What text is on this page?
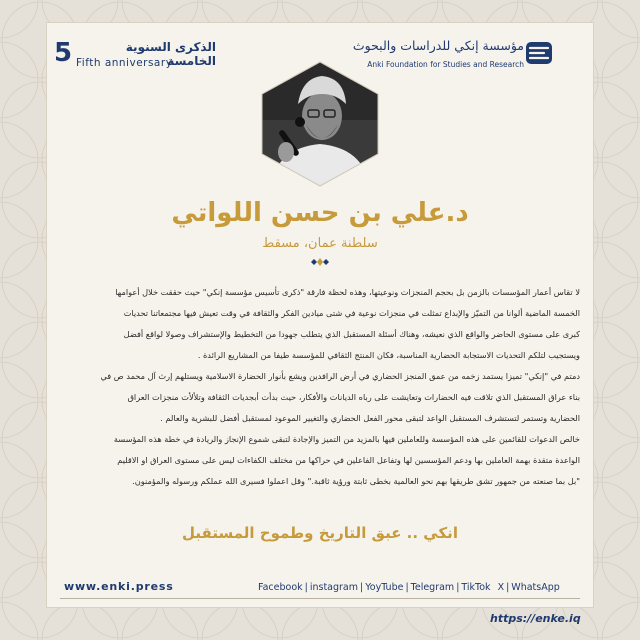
5	الذكرى السنوية الخامسة
Fifth anniversary
مؤسسة إنكي للدراسات والبحوث
Anki Foundation for Studies and Research
د.علي بن حسن اللواتي
سلطنة عمان، مسقط

لا تقاس أعمار المؤسسات بالزمن بل بحجم المنجزات ونوعيتها، وهذه لحظة فارقة "ذكرى تأسيس مؤسسة إنكي" حيث حققت خلال أعوامها

الخمسة الماضية ألوانا من التميّز والإبداع تمثلت في منجزات نوعية في شتى ميادين الفكر والثقافة في وقت تعيش فيها مجتمعاتنا تحديات

كبرى على مستوى الحاضر والواقع الذي نعيشه، وهناك أسئلة المستقبل الذي يتطلب جهودا من التخطيط والإستشراف وصولا لواقع أفضل

ويستجيب لتلكم التحديات الاستجابة الحضارية المناسبة، فكان المنتج الثقافي للمؤسسة طيفا من المشاريع الرائدة .

دمتم في "إنكي" تميزا يستمد زخمه من عمق المنجز الحضاري في أرض الرافدين ويشع بأنوار الحضارة الاسلامية ويستلهم إرث آل محمد ص في

بناء عراق المستقبل الذي تلاقت فيه الحضارات وتعايشت على رباه الديانات والأفكار، حيث بدأت أبجديات الثقافة وتلألأت منجزات العراق

الحضارية وتستمر لتستشرف المستقبل الواعد لتبقى محور الفعل الحضاري والتغيير الموعود لمستقبل أفضل للبشرية والعالم .

خالص الدعوات للقائمين على هذه المؤسسة وللعاملين فيها بالمزيد من التميز والإجادة لتبقى شموع الإنجاز والريادة في خطة هذه المؤسسة

الواعدة متقدة بهمة العاملين بها ودعم المؤسسين لها وتفاعل الفاعلين في حراكها من مختلف الكفاءات ليس على مستوى العراق او الاقليم

"بل بما صنعته من جمهور تشق طريقها بهم نحو العالمية بخطى ثابتة ورؤية ثاقبة." وقل اعملوا فسيرى الله عملكم ورسوله والمؤمنون.

انكي .. عبق التاريخ وطموح المستقبل
www.enki.press	Facebook | instagram | YoyTube | Telegram | TikTok X | WhatsApp
https://enke.iq
